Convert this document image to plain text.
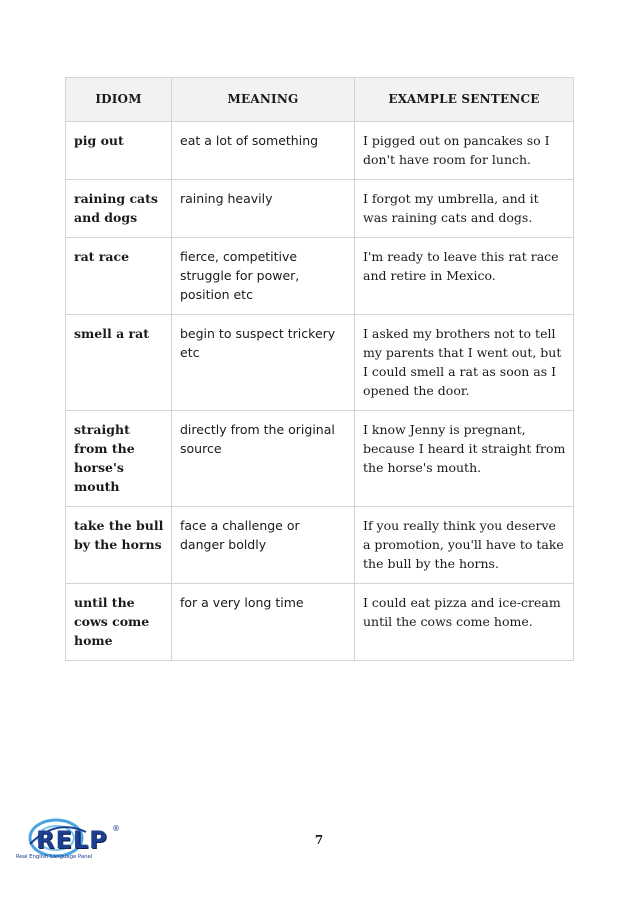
IDIOM	MEANING	EXAMPLE SENTENCE
pig out	eat a lot of something	I pigged out on pancakes so I don't have room for lunch.
raining cats and dogs	raining heavily	I forgot my umbrella, and it was raining cats and dogs.
rat race	fierce, competitive struggle for power, position etc	I'm ready to leave this rat race and retire in Mexico.
smell a rat	begin to suspect trickery etc	I asked my brothers not to tell my parents that I went out, but I could smell a rat as soon as I opened the door.
straight from the horse's mouth	directly from the original source	I know Jenny is pregnant, because I heard it straight from the horse's mouth.
take the bull by the horns	face a challenge or danger boldly	If you really think you deserve a promotion, you'll have to take the bull by the horns.
until the cows come home	for a very long time	I could eat pizza and ice-cream until the cows come home.
RELP ®
Real English Language Panel
7
